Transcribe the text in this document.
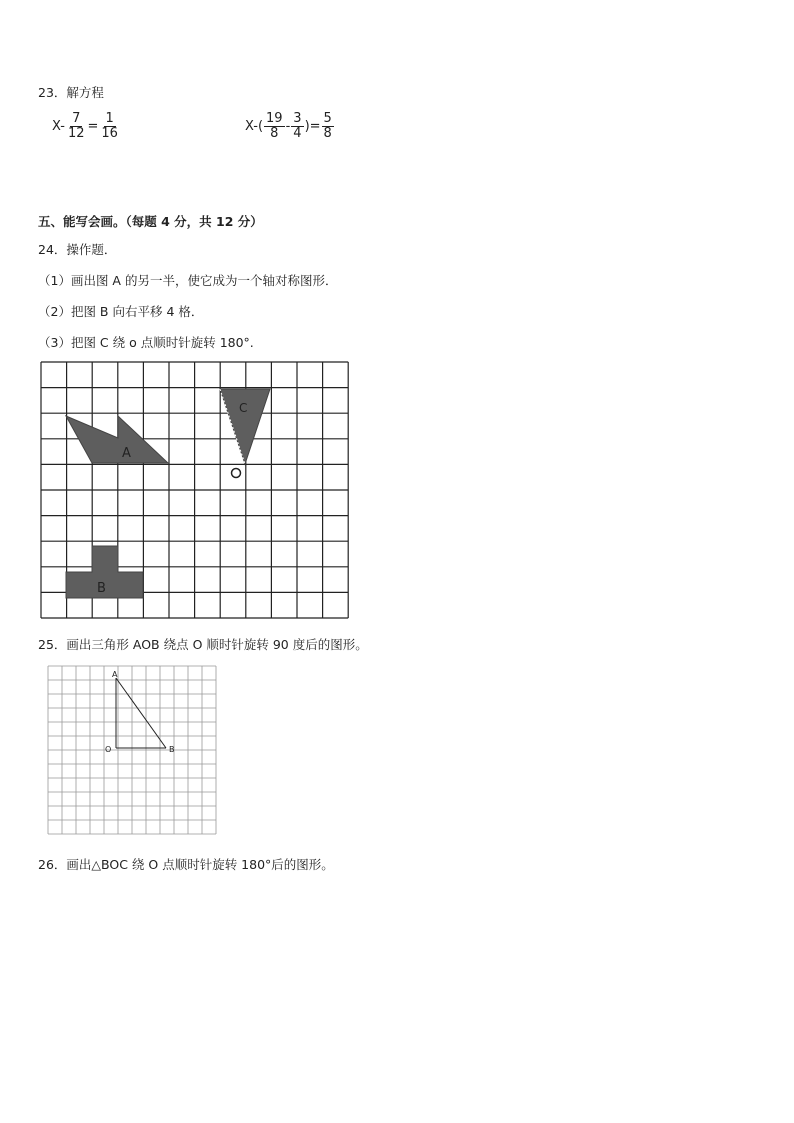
23．解方程
$X- \frac{7}{12} = \frac{1}{16}$	$X-( \frac{19}{8} - \frac{3}{4}$ )= $\frac{5}{8}$
五、能写会画。（每题 4 分，共 12 分）
24．操作题．
（1）画出图 A 的另一半，使它成为一个轴对称图形．
（2）把图 B 向右平移 4 格．
（3）把图 C 绕 o 点顺时针旋转 180°.
A
B
C
25．画出三角形 AOB 绕点 O 顺时针旋转 90 度后的图形。
A
O	B
26．画出△BOC 绕 O 点顺时针旋转 180°后的图形。
